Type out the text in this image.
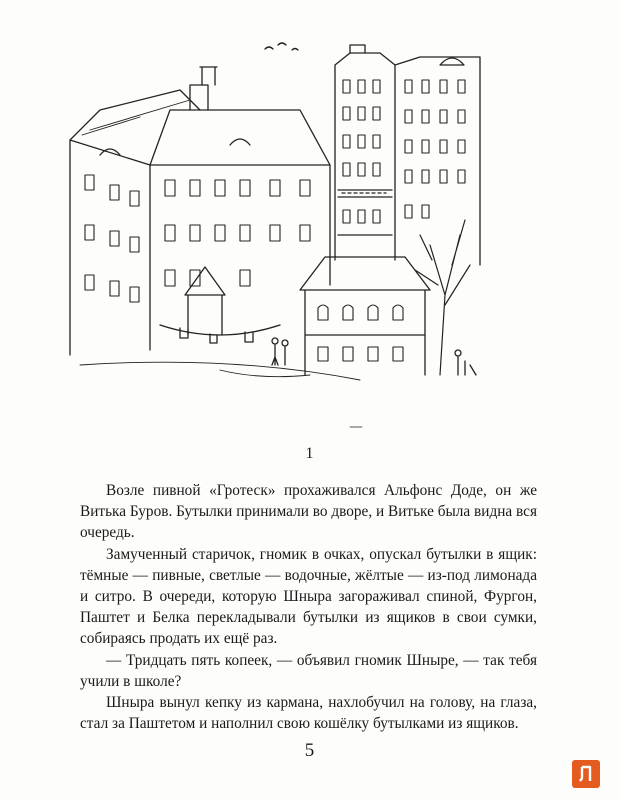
1

Возле пивной «Гротеск» прохаживался Альфонс Доде, он же Витька Буров. Бутылки принимали во дворе, и Витьке была видна вся очередь.

Замученный старичок, гномик в очках, опускал бутылки в ящик: тёмные — пивные, светлые — водочные, жёлтые — из-под лимонада и ситро. В очереди, которую Шныра загораживал спиной, Фургон, Паштет и Белка перекладывали бутылки из ящиков в свои сумки, собираясь продать их ещё раз.

— Тридцать пять копеек, — объявил гномик Шныре, — так тебя учили в школе?

Шныра вынул кепку из кармана, нахлобучил на голову, на глаза, стал за Паштетом и наполнил свою кошёлку бутылками из ящиков.

5
